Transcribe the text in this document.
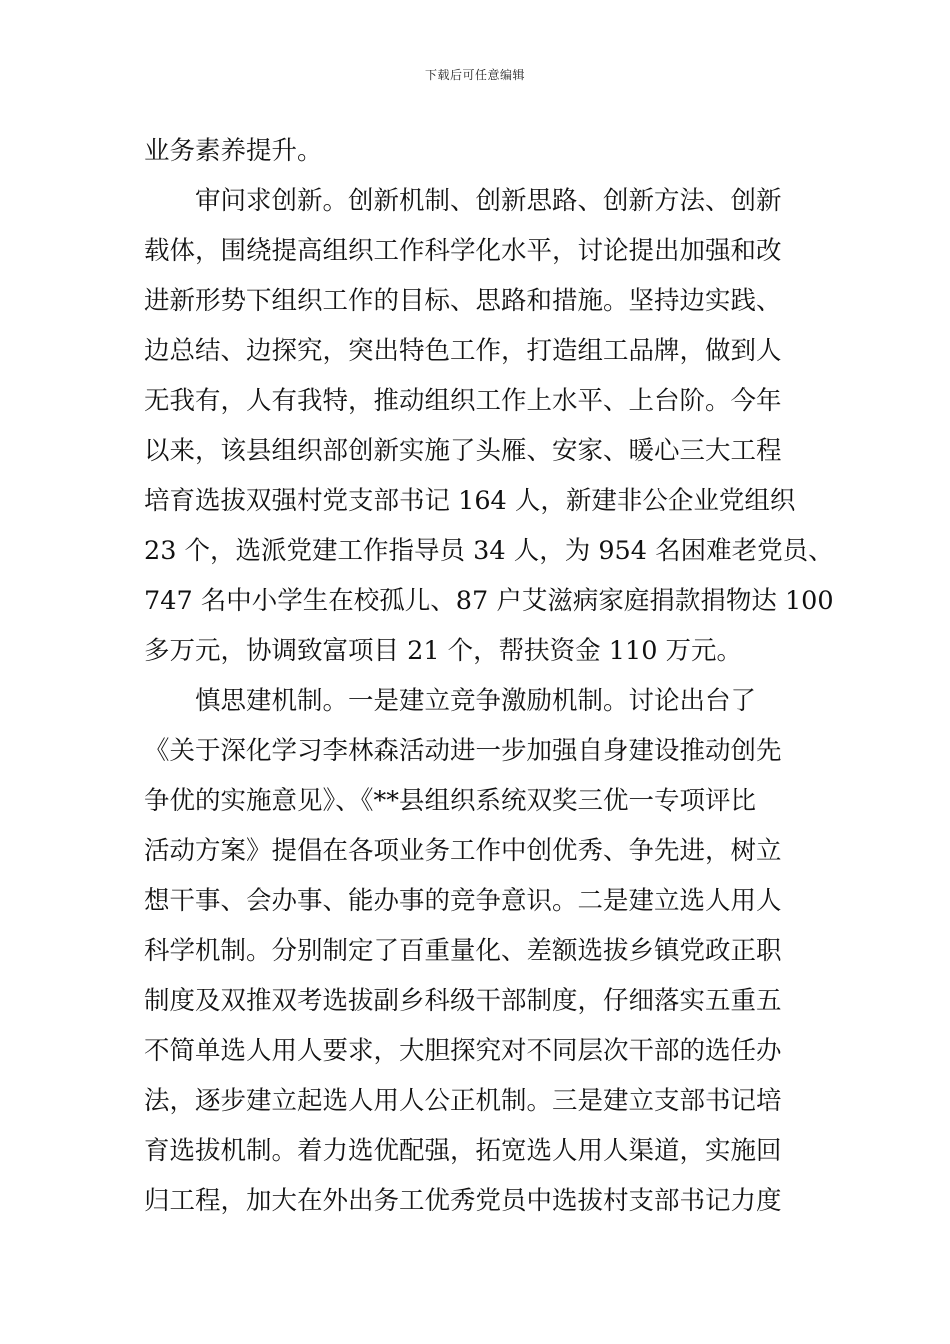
下载后可任意编辑
业务素养提升。
　　审问求创新。创新机制、创新思路、创新方法、创新
载体，围绕提高组织工作科学化水平，讨论提出加强和改
进新形势下组织工作的目标、思路和措施。坚持边实践、
边总结、边探究，突出特色工作，打造组工品牌，做到人
无我有，人有我特，推动组织工作上水平、上台阶。今年
以来，该县组织部创新实施了头雁、安家、暖心三大工程
培育选拔双强村党支部书记 164 人，新建非公企业党组织
23 个，选派党建工作指导员 34 人，为 954 名困难老党员、
747 名中小学生在校孤儿、87 户艾滋病家庭捐款捐物达 100
多万元，协调致富项目 21 个，帮扶资金 110 万元。
　　慎思建机制。一是建立竞争激励机制。讨论出台了
《关于深化学习李林森活动进一步加强自身建设推动创先
争优的实施意见》、《**县组织系统双奖三优一专项评比
活动方案》提倡在各项业务工作中创优秀、争先进，树立
想干事、会办事、能办事的竞争意识。二是建立选人用人
科学机制。分别制定了百重量化、差额选拔乡镇党政正职
制度及双推双考选拔副乡科级干部制度，仔细落实五重五
不简单选人用人要求，大胆探究对不同层次干部的选任办
法，逐步建立起选人用人公正机制。三是建立支部书记培
育选拔机制。着力选优配强，拓宽选人用人渠道，实施回
归工程，加大在外出务工优秀党员中选拔村支部书记力度
